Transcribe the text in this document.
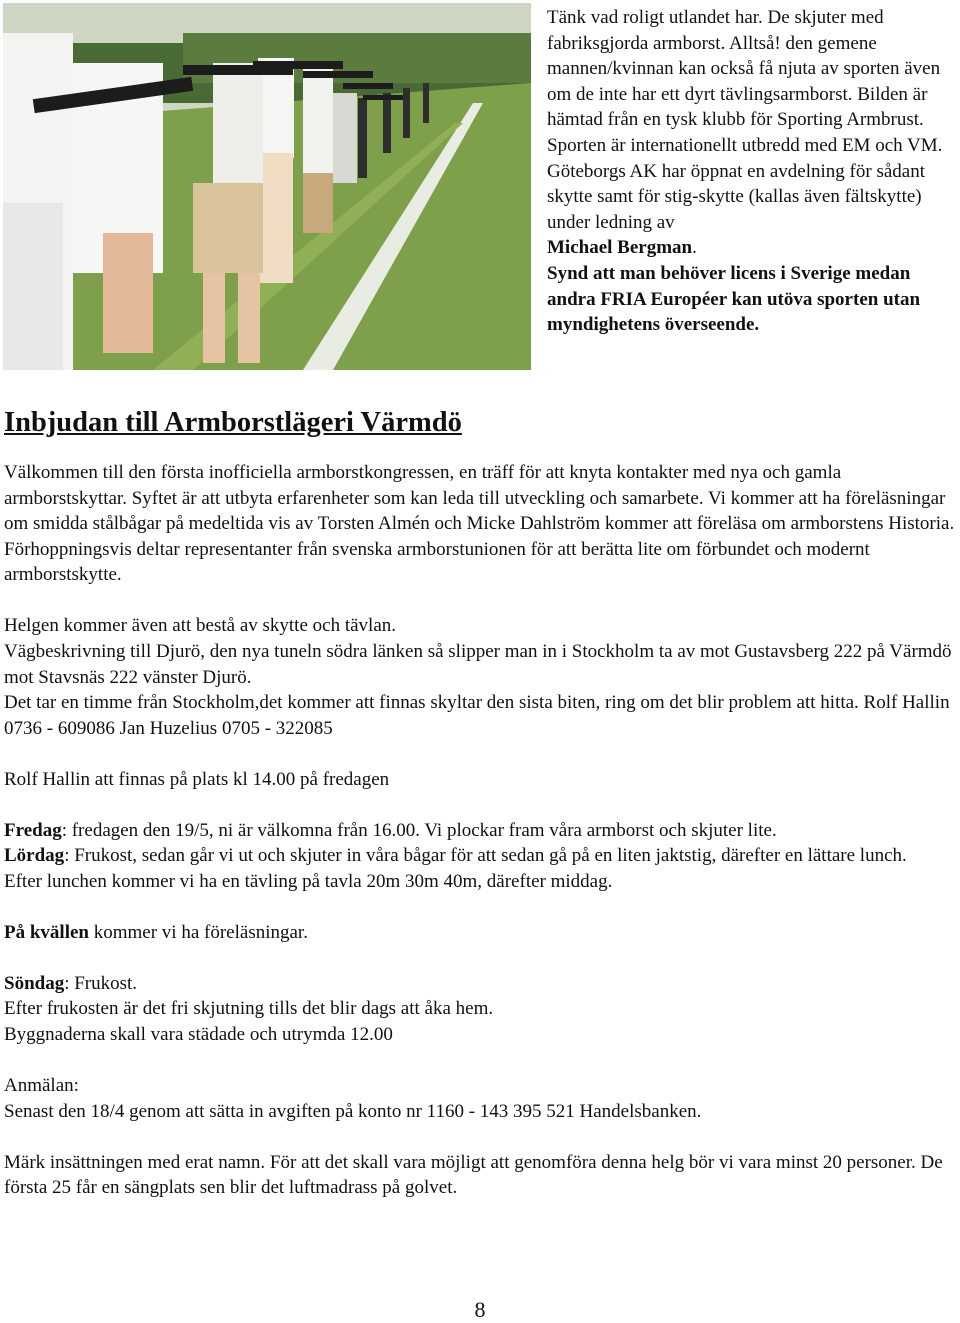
Tänk vad roligt utlandet har. De skjuter med fabriksgjorda armborst. Alltså! den gemene mannen/kvinnan kan också få njuta av sporten även om de inte har ett dyrt tävlingsarmborst. Bilden är hämtad från en tysk klubb för Sporting Armbrust. Sporten är internationellt utbredd med EM och VM. Göteborgs AK har öppnat en avdelning för sådant skytte samt för stig-skytte (kallas även fältskytte) under ledning av

Michael Bergman.

Synd att man behöver licens i Sverige medan andra FRIA Européer kan utöva sporten utan myndighetens överseende.

Inbjudan till Armborstlägeri Värmdö

Välkommen till den första inofficiella armborstkongressen, en träff för att knyta kontakter med nya och gamla armborstskyttar. Syftet är att utbyta erfarenheter som kan leda till utveckling och samarbete. Vi kommer att ha föreläsningar om smidda stålbågar på medeltida vis av Torsten Almén och Micke Dahlström kommer att föreläsa om armborstens Historia. Förhoppningsvis deltar representanter från svenska armborstunionen för att berätta lite om förbundet och modernt armborstskytte.

Helgen kommer även att bestå av skytte och tävlan.

Vägbeskrivning till Djurö, den nya tuneln södra länken så slipper man in i Stockholm ta av mot Gustavsberg 222 på Värmdö mot Stavsnäs 222 vänster Djurö.

Det tar en timme från Stockholm,det kommer att finnas skyltar den sista biten, ring om det blir problem att hitta. Rolf Hallin 0736 - 609086 Jan Huzelius 0705 - 322085

Rolf Hallin att finnas på plats kl 14.00 på fredagen

Fredag: fredagen den 19/5, ni är välkomna från 16.00. Vi plockar fram våra armborst och skjuter lite.

Lördag: Frukost, sedan går vi ut och skjuter in våra bågar för att sedan gå på en liten jaktstig, därefter en lättare lunch.

Efter lunchen kommer vi ha en tävling på tavla 20m 30m 40m, därefter middag.

På kvällen kommer vi ha föreläsningar.

Söndag: Frukost.

Efter frukosten är det fri skjutning tills det blir dags att åka hem.

Byggnaderna skall vara städade och utrymda 12.00

Anmälan:

Senast den 18/4 genom att sätta in avgiften på konto nr 1160 - 143 395 521 Handelsbanken.

Märk insättningen med erat namn. För att det skall vara möjligt att genomföra denna helg bör vi vara minst 20 personer. De första 25 får en sängplats sen blir det luftmadrass på golvet.

8
